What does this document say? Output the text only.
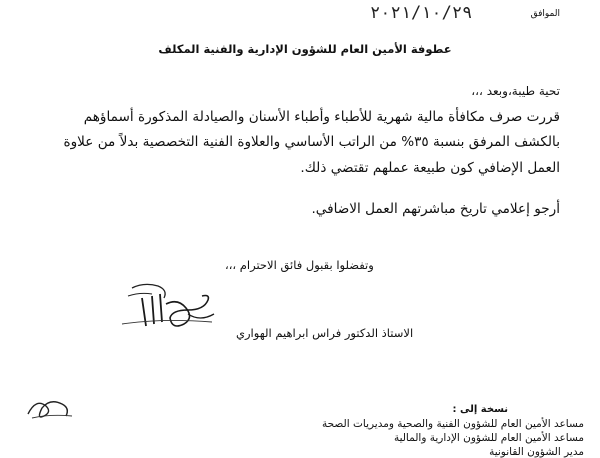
٢٠٢١/١٠/٢٩	الموافق
عطوفة الأمين العام للشؤون الإدارية والفنية المكلف
تحية طيبة،وبعد ،،،
قررت صرف مكافأة مالية شهرية للأطباء وأطباء الأسنان والصيادلة المذكورة أسماؤهم
بالكشف المرفق بنسبة ٣٥% من الراتب الأساسي والعلاوة الفنية التخصصية بدلاً من علاوة
العمل الإضافي كون طبيعة عملهم تقتضي ذلك.
أرجو إعلامي تاريخ مباشرتهم العمل الاضافي.
وتفضلوا بقبول فائق الاحترام ،،،
الاستاذ الدكتور فراس ابراهيم الهواري
نسخة إلى :
مساعد الأمين العام للشؤون الفنية والصحية ومديريات الصحة
مساعد الأمين العام للشؤون الإدارية والمالية
مدير الشؤون القانونية
